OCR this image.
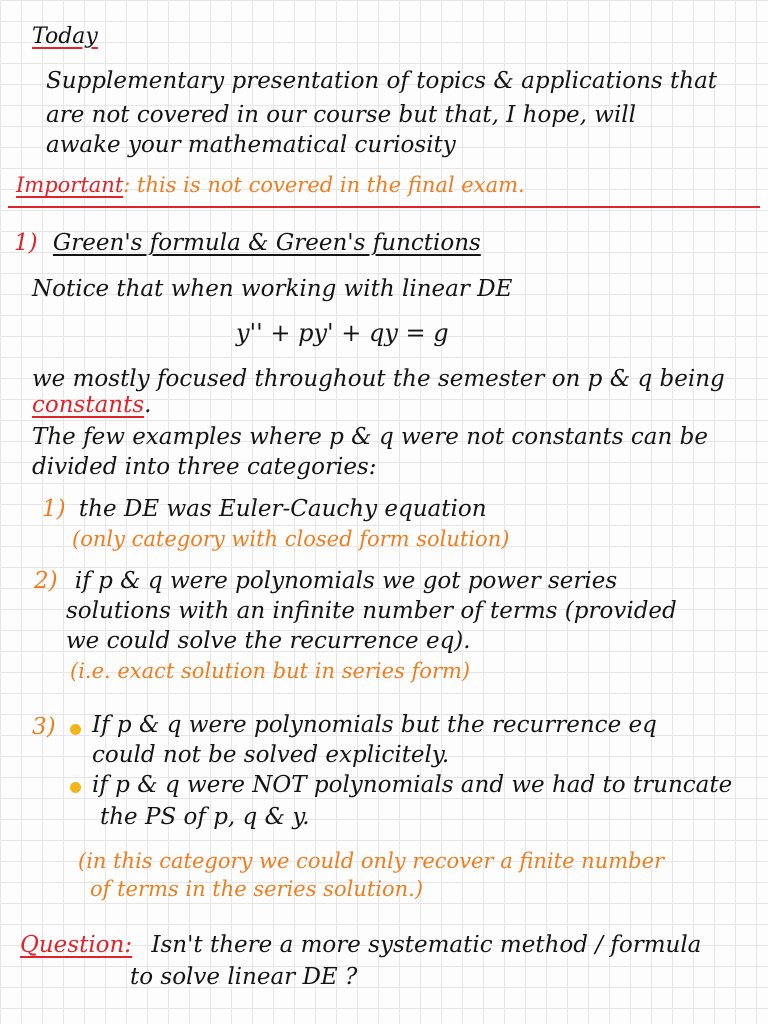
Today
Supplementary presentation of topics & applications that
are not covered in our course but that, I hope, will
awake your mathematical curiosity
Important: this is not covered in the final exam.
1) Green's formula & Green's functions
Notice that when working with linear DE
y'' + py' + qy = g
we mostly focused throughout the semester on p & q being
constants.
The few examples where p & q were not constants can be
divided into three categories:
1) the DE was Euler-Cauchy equation
(only category with closed form solution)
2) if p & q were polynomials we got power series
solutions with an infinite number of terms (provided
we could solve the recurrence eq).
(i.e. exact solution but in series form)
3) If p & q were polynomials but the recurrence eq
could not be solved explicitely.
if p & q were NOT polynomials and we had to truncate
the PS of p, q & y.
(in this category we could only recover a finite number
of terms in the series solution.)
Question: Isn't there a more systematic method / formula
to solve linear DE ?
